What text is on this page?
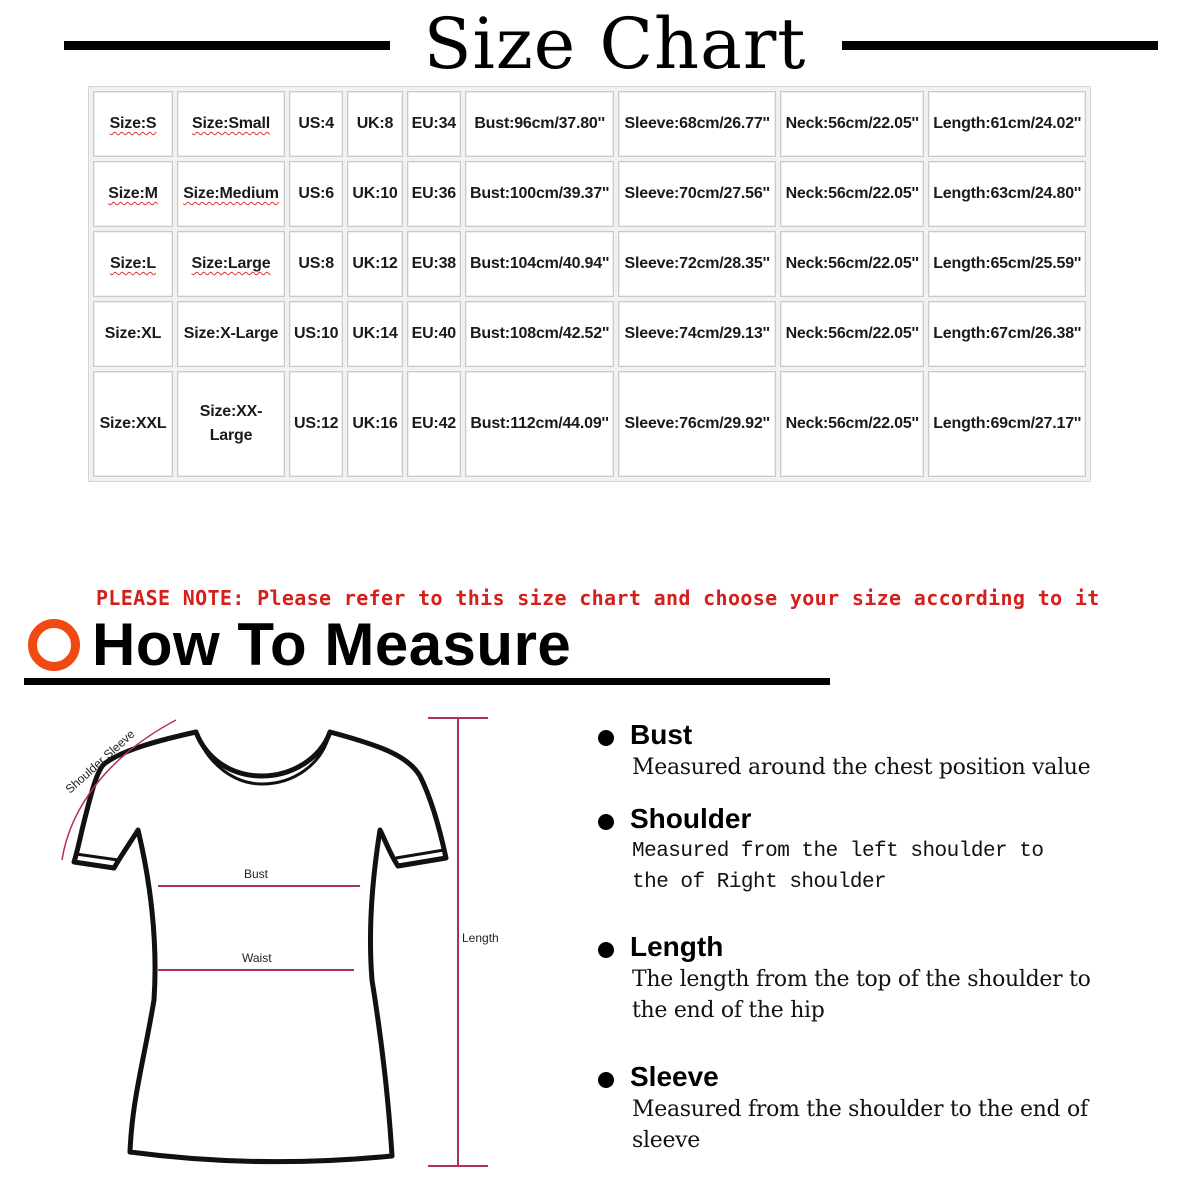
Size Chart
Size:S	Size:Small	US:4	UK:8	EU:34	Bust:96cm/37.80''	Sleeve:68cm/26.77''	Neck:56cm/22.05''	Length:61cm/24.02''
Size:M	Size:Medium	US:6	UK:10	EU:36	Bust:100cm/39.37''	Sleeve:70cm/27.56''	Neck:56cm/22.05''	Length:63cm/24.80''
Size:L	Size:Large	US:8	UK:12	EU:38	Bust:104cm/40.94''	Sleeve:72cm/28.35''	Neck:56cm/22.05''	Length:65cm/25.59''
Size:XL	Size:X-Large	US:10	UK:14	EU:40	Bust:108cm/42.52''	Sleeve:74cm/29.13''	Neck:56cm/22.05''	Length:67cm/26.38''
Size:XXL	Size:XX-Large	US:12	UK:16	EU:42	Bust:112cm/44.09''	Sleeve:76cm/29.92''	Neck:56cm/22.05''	Length:69cm/27.17''
PLEASE NOTE: Please refer to this size chart and choose your size according to it
How To Measure
Shoulder Sleeve
Bust
Waist
Length
Bust
Measured around the chest position value
Shoulder
Measured from the left shoulder to the of Right shoulder
Length
The length from the top of the shoulder to the end of the hip
Sleeve
Measured from the shoulder to the end of sleeve
